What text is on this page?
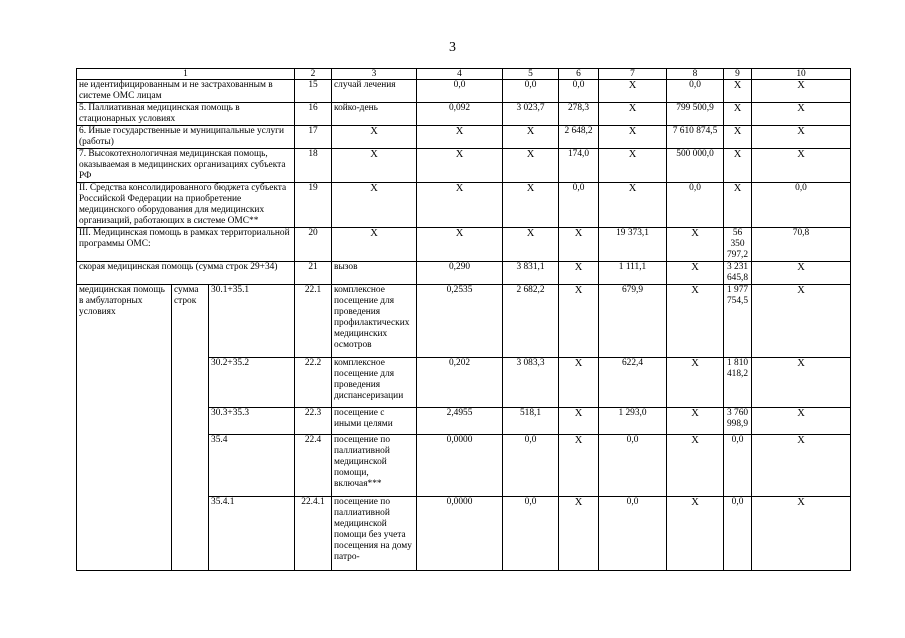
3
1			2	3	4	5	6	7	8	9	10
не идентифицированным и не застрахованным в системе ОМС лицам			15	случай лечения	0,0	0,0	0,0	X	0,0	X	X
5. Паллиативная медицинская помощь в стационарных условиях			16	койко-день	0,092	3 023,7	278,3	X	799 500,9	X	X
6. Иные государственные и муниципальные услуги (работы)			17	X	X	X	2 648,2	X	7 610 874,5	X	X
7. Высокотехнологичная медицинская помощь, оказываемая в медицинских организациях субъекта РФ			18	X	X	X	174,0	X	500 000,0	X	X
II. Средства консолидированного бюджета субъекта Российской Федерации на приобретение медицинского оборудования для медицинских организаций, работающих в системе ОМС**			19	X	X	X	0,0	X	0,0	X	0,0
III. Медицинская помощь в рамках территориальной программы ОМС:			20	X	X	X	X	19 373,1	X	56 350 797,2	70,8
скорая медицинская помощь (сумма строк 29+34)			21	вызов	0,290	3 831,1	X	1 111,1	X	3 231 645,8	X
медицинская помощь в амбулаторных условиях	сумма строк	30.1+35.1	22.1	комплексное посещение для проведения профилактических медицинских осмотров	0,2535	2 682,2	X	679,9	X	1 977 754,5	X
		30.2+35.2	22.2	комплексное посещение для проведения диспансеризации	0,202	3 083,3	X	622,4	X	1 810 418,2	X
		30.3+35.3	22.3	посещение с иными целями	2,4955	518,1	X	1 293,0	X	3 760 998,9	X
		35.4	22.4	посещение по паллиативной медицинской помощи, включая***	0,0000	0,0	X	0,0	X	0,0	X
		35.4.1	22.4.1	посещение по паллиативной медицинской помощи без учета посещения на дому патро-	0,0000	0,0	X	0,0	X	0,0	X
